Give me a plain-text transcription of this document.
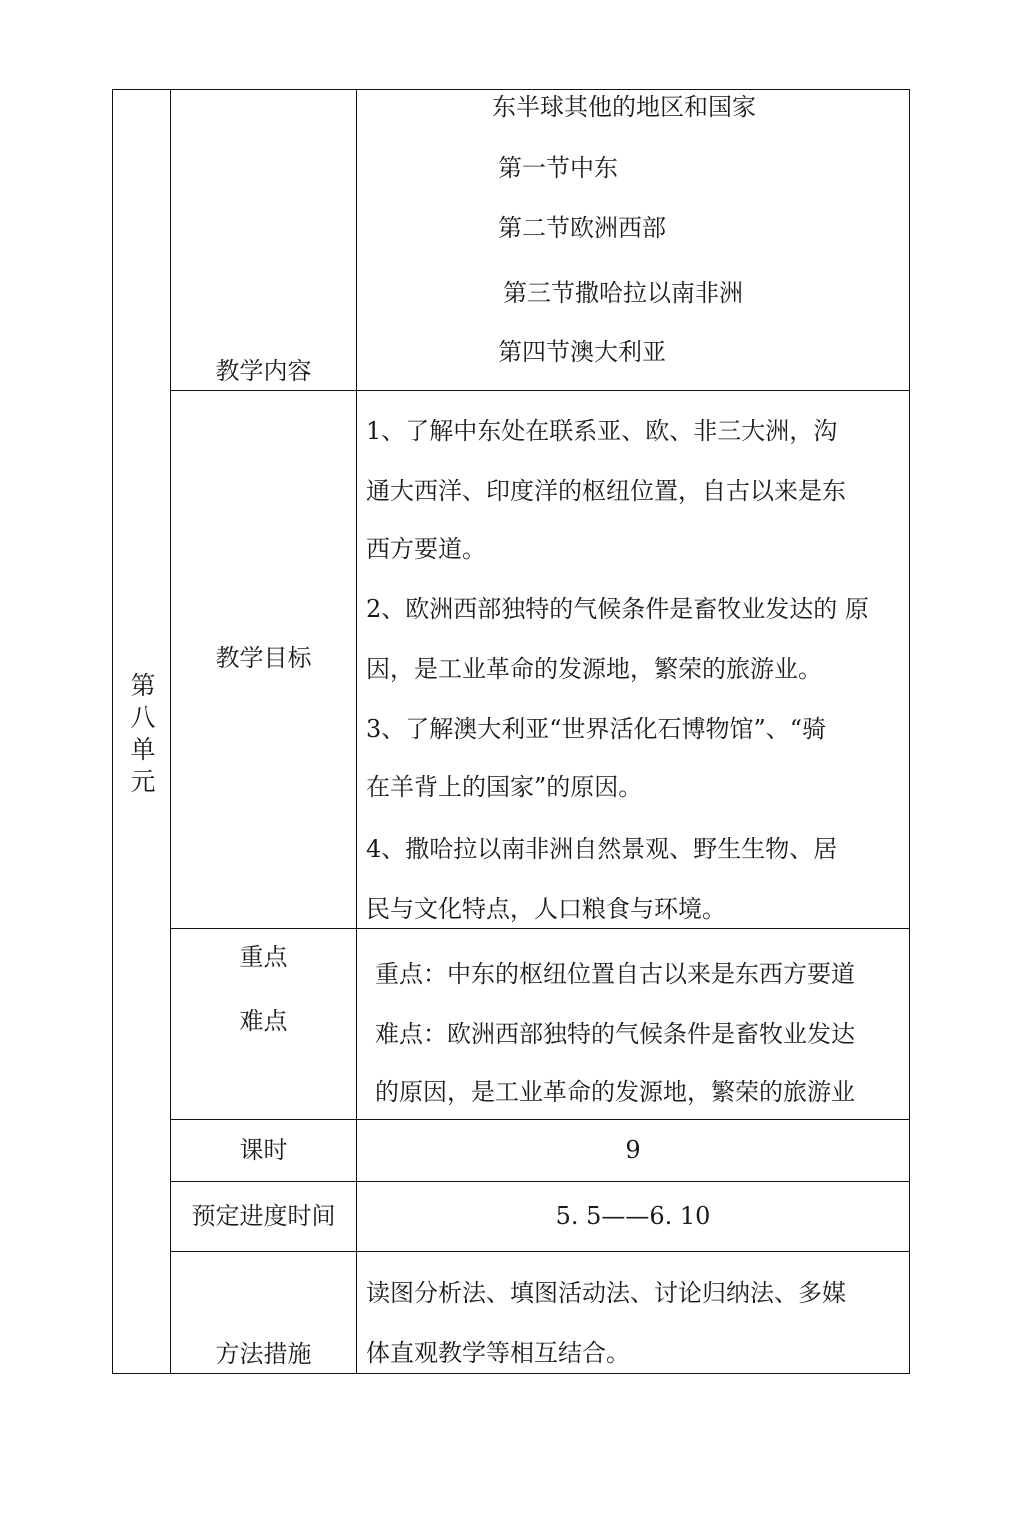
第
八
单
元
教学内容
东半球其他的地区和国家
第一节中东
第二节欧洲西部
第三节撒哈拉以南非洲
第四节澳大利亚
教学目标
1、了解中东处在联系亚、欧、非三大洲，沟
通大西洋、印度洋的枢纽位置，自古以来是东
西方要道。
2、欧洲西部独特的气候条件是畜牧业发达的 原
因，是工业革命的发源地，繁荣的旅游业。
3、了解澳大利亚“世界活化石博物馆”、“骑
在羊背上的国家”的原因。
4、撒哈拉以南非洲自然景观、野生生物、居
民与文化特点，人口粮食与环境。
重点
难点
重点：中东的枢纽位置自古以来是东西方要道
难点：欧洲西部独特的气候条件是畜牧业发达
的原因，是工业革命的发源地，繁荣的旅游业
课时	9
预定进度时间	5. 5——6. 10
方法措施
读图分析法、填图活动法、讨论归纳法、多媒
体直观教学等相互结合。
